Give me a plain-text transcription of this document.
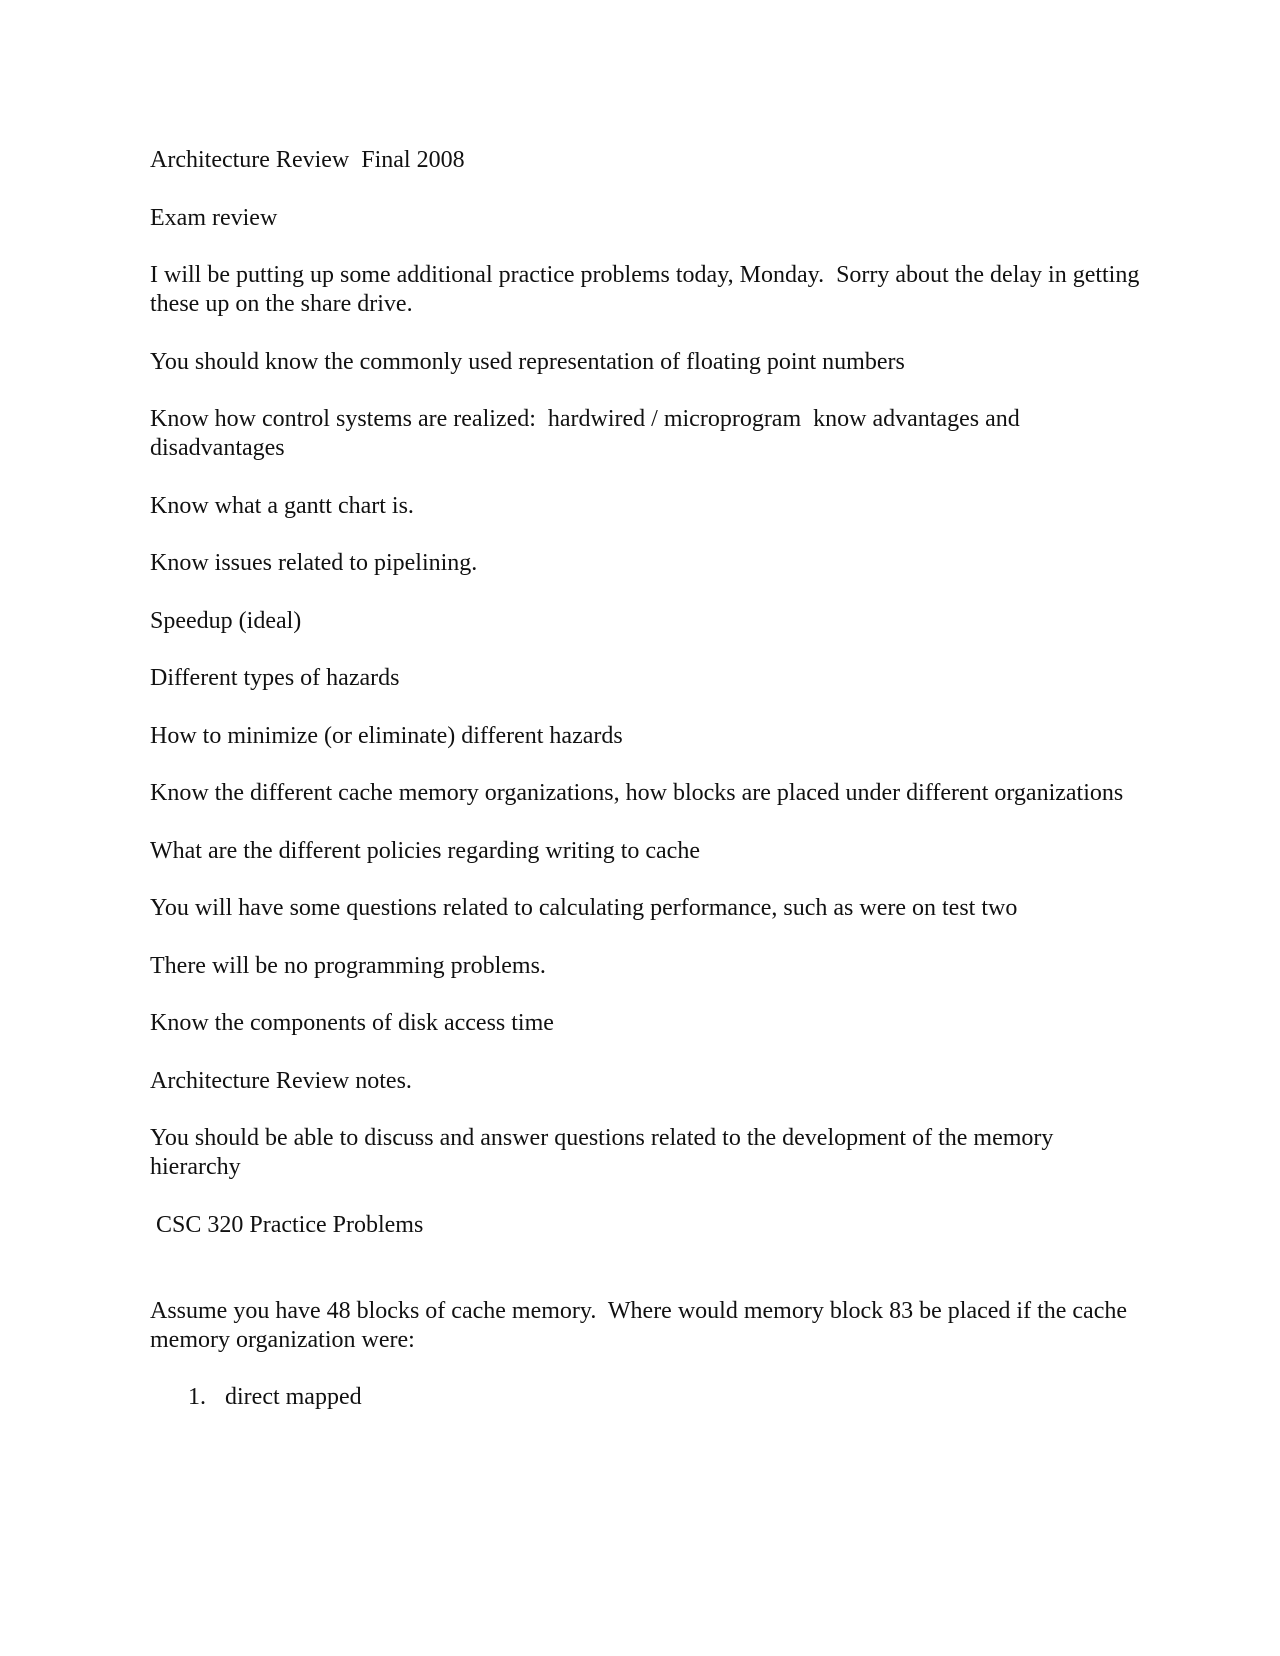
Architecture Review  Final 2008

Exam review

I will be putting up some additional practice problems today, Monday.  Sorry about the delay in getting these up on the share drive.

You should know the commonly used representation of floating point numbers

Know how control systems are realized:  hardwired / microprogram  know advantages and disadvantages

Know what a gantt chart is.

Know issues related to pipelining.

Speedup (ideal)

Different types of hazards

How to minimize (or eliminate) different hazards

Know the different cache memory organizations, how blocks are placed under different organizations

What are the different policies regarding writing to cache

You will have some questions related to calculating performance, such as were on test two

There will be no programming problems.

Know the components of disk access time

Architecture Review notes.

You should be able to discuss and answer questions related to the development of the memory hierarchy

CSC 320 Practice Problems

Assume you have 48 blocks of cache memory.  Where would memory block 83 be placed if the cache memory organization were:

1. direct mapped
